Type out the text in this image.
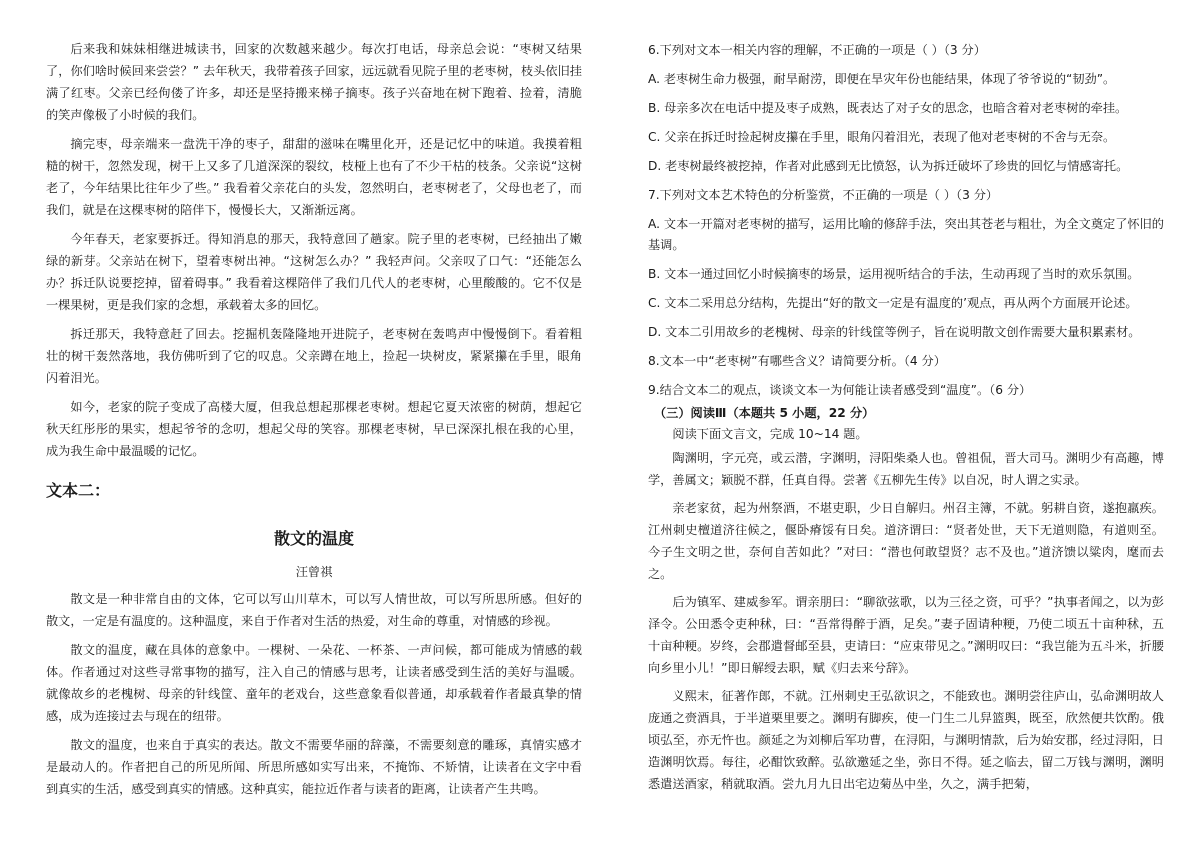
后来我和妹妹相继进城读书，回家的次数越来越少。每次打电话，母亲总会说：“枣树又结果了，你们啥时候回来尝尝？” 去年秋天，我带着孩子回家，远远就看见院子里的老枣树，枝头依旧挂满了红枣。父亲已经佝偻了许多，却还是坚持搬来梯子摘枣。孩子兴奋地在树下跑着、捡着，清脆的笑声像极了小时候的我们。

摘完枣，母亲端来一盘洗干净的枣子，甜甜的滋味在嘴里化开，还是记忆中的味道。我摸着粗糙的树干，忽然发现，树干上又多了几道深深的裂纹，枝桠上也有了不少干枯的枝条。父亲说“这树老了，今年结果比往年少了些。” 我看着父亲花白的头发，忽然明白，老枣树老了，父母也老了，而我们，就是在这棵枣树的陪伴下，慢慢长大，又渐渐远离。

今年春天，老家要拆迁。得知消息的那天，我特意回了趟家。院子里的老枣树，已经抽出了嫩绿的新芽。父亲站在树下，望着枣树出神。“这树怎么办？” 我轻声问。父亲叹了口气：“还能怎么办？拆迁队说要挖掉，留着碍事。” 我看着这棵陪伴了我们几代人的老枣树，心里酸酸的。它不仅是一棵果树，更是我们家的念想，承载着太多的回忆。

拆迁那天，我特意赶了回去。挖掘机轰隆隆地开进院子，老枣树在轰鸣声中慢慢倒下。看着粗壮的树干轰然落地，我仿佛听到了它的叹息。父亲蹲在地上，捡起一块树皮，紧紧攥在手里，眼角闪着泪光。

如今，老家的院子变成了高楼大厦，但我总想起那棵老枣树。想起它夏天浓密的树荫，想起它秋天红彤彤的果实，想起爷爷的念叨，想起父母的笑容。那棵老枣树，早已深深扎根在我的心里，成为我生命中最温暖的记忆。

文本二：

散文的温度

汪曾祺

散文是一种非常自由的文体，它可以写山川草木，可以写人情世故，可以写所思所感。但好的散文，一定是有温度的。这种温度，来自于作者对生活的热爱，对生命的尊重，对情感的珍视。

散文的温度，藏在具体的意象中。一棵树、一朵花、一杯茶、一声问候，都可能成为情感的载体。作者通过对这些寻常事物的描写，注入自己的情感与思考，让读者感受到生活的美好与温暖。就像故乡的老槐树、母亲的针线筐、童年的老戏台，这些意象看似普通，却承载着作者最真挚的情感，成为连接过去与现在的纽带。

散文的温度，也来自于真实的表达。散文不需要华丽的辞藻，不需要刻意的雕琢，真情实感才是最动人的。作者把自己的所见所闻、所思所感如实写出来，不掩饰、不矫情，让读者在文字中看到真实的生活，感受到真实的情感。这种真实，能拉近作者与读者的距离，让读者产生共鸣。

6.下列对文本一相关内容的理解，不正确的一项是（ ）（3 分）

A. 老枣树生命力极强，耐旱耐涝，即便在旱灾年份也能结果，体现了爷爷说的“韧劲”。

B. 母亲多次在电话中提及枣子成熟，既表达了对子女的思念，也暗含着对老枣树的牵挂。

C. 父亲在拆迁时捡起树皮攥在手里，眼角闪着泪光，表现了他对老枣树的不舍与无奈。

D. 老枣树最终被挖掉，作者对此感到无比愤怒，认为拆迁破坏了珍贵的回忆与情感寄托。

7.下列对文本艺术特色的分析鉴赏，不正确的一项是（ ）（3 分）

A. 文本一开篇对老枣树的描写，运用比喻的修辞手法，突出其苍老与粗壮，为全文奠定了怀旧的基调。

B. 文本一通过回忆小时候摘枣的场景，运用视听结合的手法，生动再现了当时的欢乐氛围。

C. 文本二采用总分结构，先提出“好的散文一定是有温度的’观点，再从两个方面展开论述。

D. 文本二引用故乡的老槐树、母亲的针线筐等例子，旨在说明散文创作需要大量积累素材。

8.文本一中“老枣树”有哪些含义？请简要分析。（4 分）

9.结合文本二的观点，谈谈文本一为何能让读者感受到“温度”。（6 分）

（三）阅读Ⅲ（本题共 5 小题，22 分）

阅读下面文言文，完成 10~14 题。

陶渊明，字元亮，或云潜，字渊明，浔阳柴桑人也。曾祖侃，晋大司马。渊明少有高趣，博学，善属文；颖脱不群，任真自得。尝著《五柳先生传》以自况，时人谓之实录。

亲老家贫，起为州祭酒，不堪吏职，少日自解归。州召主簿，不就。躬耕自资，遂抱羸疾。江州刺史檀道济往候之，偃卧瘠馁有日矣。道济谓曰：“贤者处世，天下无道则隐，有道则至。今子生文明之世，奈何自苦如此？”对曰：“潜也何敢望贤？志不及也。”道济馈以粱肉，麾而去之。

后为镇军、建威参军。谓亲朋曰：“聊欲弦歌，以为三径之资，可乎？”执事者闻之，以为彭泽令。公田悉令吏种秫，曰：“吾常得醉于酒，足矣。”妻子固请种粳，乃使二顷五十亩种秫，五十亩种粳。岁终，会郡遣督邮至县，吏请曰：“应束带见之。”渊明叹曰：“我岂能为五斗米，折腰向乡里小儿！”即日解绶去职，赋《归去来兮辞》。

义熙末，征著作郎，不就。江州刺史王弘欲识之，不能致也。渊明尝往庐山，弘命渊明故人庞通之赍酒具，于半道栗里要之。渊明有脚疾，使一门生二儿舁篮舆，既至，欣然便共饮酌。俄顷弘至，亦无忤也。颜延之为刘柳后军功曹，在浔阳，与渊明情款，后为始安郡，经过浔阳，日造渊明饮焉。每往，必酣饮致醉。弘欲邀延之坐，弥日不得。延之临去，留二万钱与渊明，渊明悉遣送酒家，稍就取酒。尝九月九日出宅边菊丛中坐，久之，满手把菊，
